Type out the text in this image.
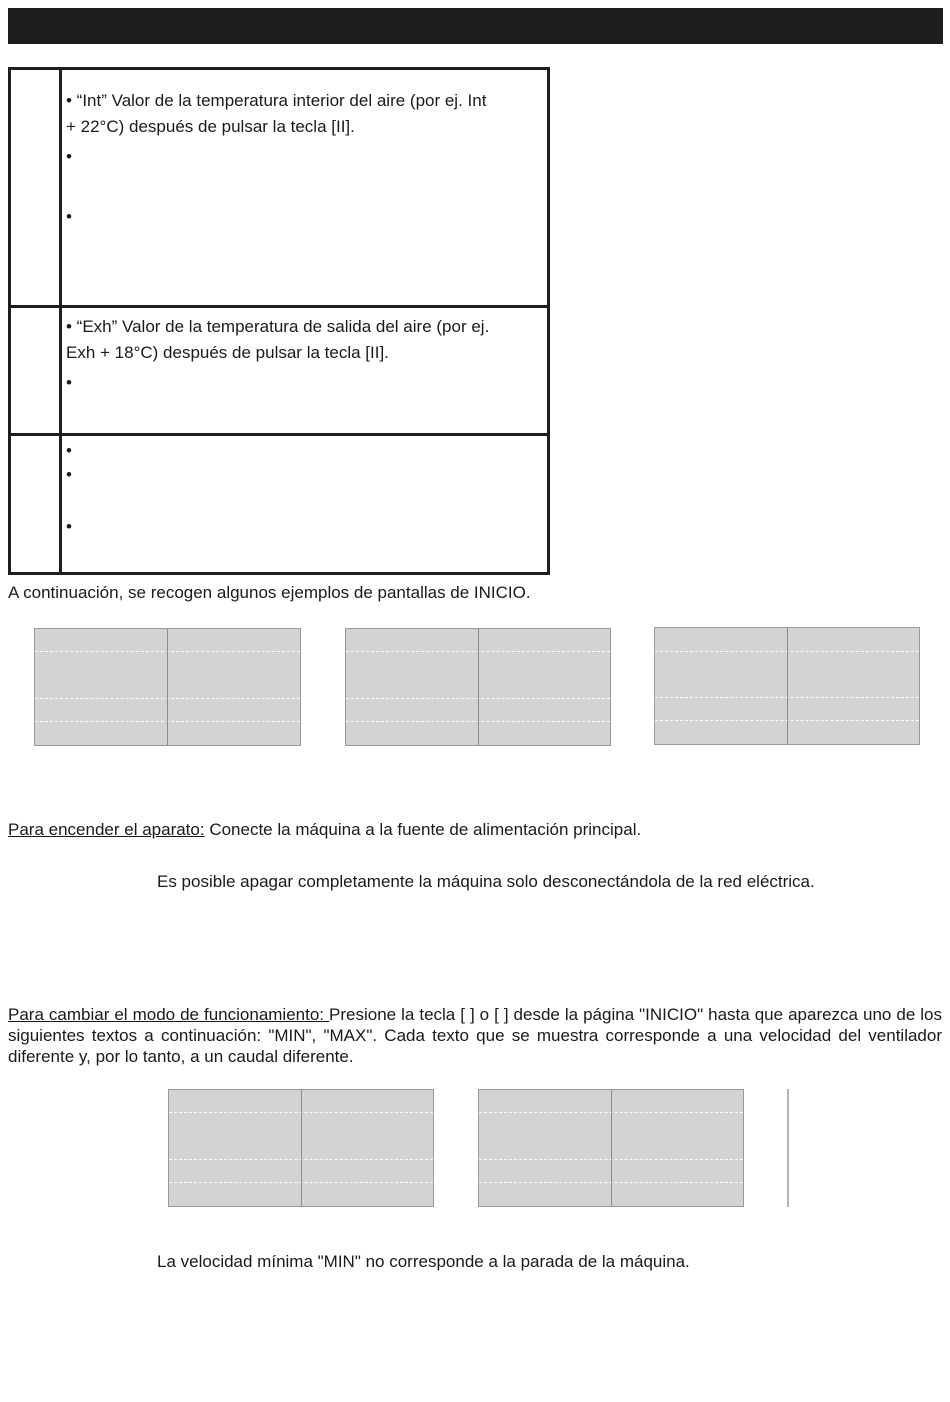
• “Int” Valor de la temperatura interior del aire (por ej. Int
+ 22°C) después de pulsar la tecla [II].
•
•
• “Exh” Valor de la temperatura de salida del aire (por ej.
Exh + 18°C) después de pulsar la tecla [II].
•
•
•
•
A continuación, se recogen algunos ejemplos de pantallas de INICIO.
Para encender el aparato: Conecte la máquina a la fuente de alimentación principal.
Es posible apagar completamente la máquina solo desconectándola de la red eléctrica.
Para cambiar el modo de funcionamiento: Presione la tecla [ ] o [ ] desde la página "INICIO" hasta que aparezca uno de los siguientes textos a continuación: "MIN", "MAX". Cada texto que se muestra corresponde a una velocidad del ventilador diferente y, por lo tanto, a un caudal diferente.
La velocidad mínima "MIN" no corresponde a la parada de la máquina.
